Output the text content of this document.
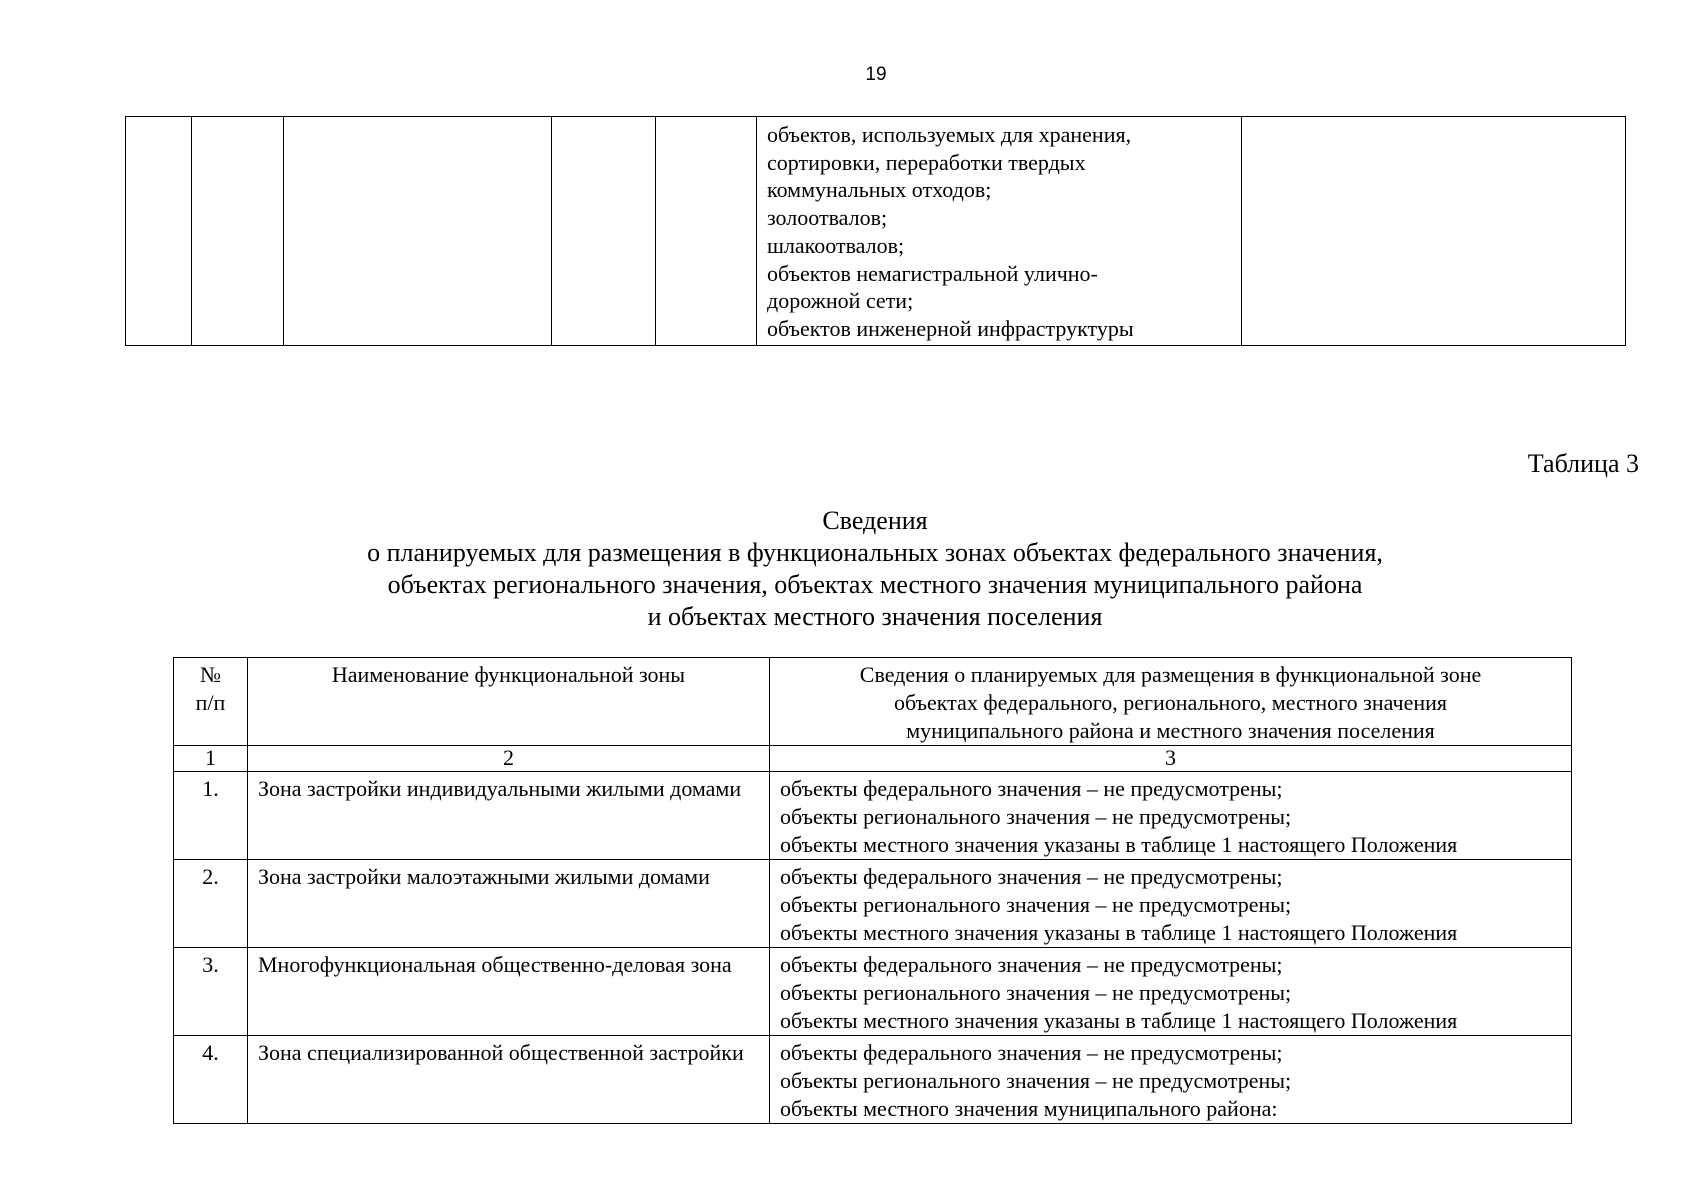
19

объектов, используемых для хранения,
сортировки, переработки твердых
коммунальных отходов;
золоотвалов;
шлакоотвалов;
объектов немагистральной улично-
дорожной сети;
объектов инженерной инфраструктуры

Таблица 3
Сведения
о планируемых для размещения в функциональных зонах объектах федерального значения,
объектах регионального значения, объектах местного значения муниципального района
и объектах местного значения поселения
№
п/п	Наименование функциональной зоны	Сведения о планируемых для размещения в функциональной зоне
объектах федерального, регионального, местного значения
муниципального района и местного значения поселения

1	2	3
1.	Зона застройки индивидуальными жилыми домами	объекты федерального значения – не предусмотрены;
объекты регионального значения – не предусмотрены;
объекты местного значения указаны в таблице 1 настоящего Положения

2.	Зона застройки малоэтажными жилыми домами	объекты федерального значения – не предусмотрены;
объекты регионального значения – не предусмотрены;
объекты местного значения указаны в таблице 1 настоящего Положения

3.	Многофункциональная общественно-деловая зона	объекты федерального значения – не предусмотрены;
объекты регионального значения – не предусмотрены;
объекты местного значения указаны в таблице 1 настоящего Положения

4.	Зона специализированной общественной застройки	объекты федерального значения – не предусмотрены;
объекты регионального значения – не предусмотрены;
объекты местного значения муниципального района:
